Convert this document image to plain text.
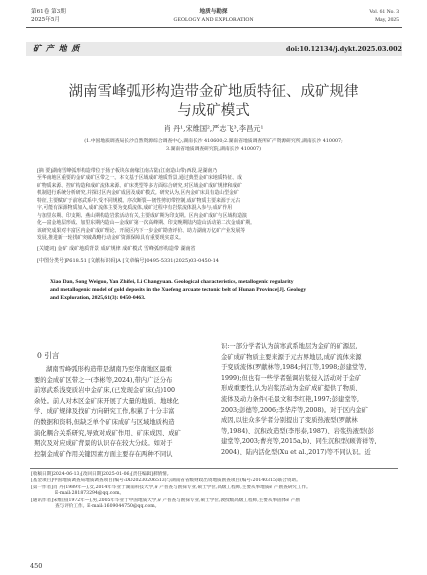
第61卷 第3期
2025年5月
地质与勘探
GEOLOGY AND EXPLORATION
Vol. 61 No. 3
May, 2025
矿 产 地 质	doi:10.12134/j.dykt.2025.03.002
湖南雪峰弧形构造带金矿地质特征、成矿规律
与成矿模式
肖 丹¹,宋维国²,严志飞³,李昌元¹
(1.中国地质调查局长沙自然资源综合调查中心,湖南长沙 410600;2.湖南省地质调查所矿产资源研究所,湖南长沙 410007;
3.湖南省地质调查研究院,湖南长沙 410007)
[摘 要]湖南雪峰弧形构造带位于扬子板块东南缘江南古陆(江南造山带)西段,是湖南乃
至华南地区重要的金矿成矿区带之一。本文基于区域成矿地质背景,通过典型金矿床地质特征、成
矿物质来源、控矿构造和成矿流体来源、矿床类型等多方面综合研究,对区域金矿成矿规律和成矿
机制进行系统分析研究,并探讨区内金矿成因及成矿模式。研究认为,区内金矿床具有造山型金矿
特征,主要赋矿于前寒武系中,受不同规模、序次断裂—韧性剪切带控制,成矿物质主要来源于元古
宇,可能有深源物质加入,成矿流体主要为变质流体,成矿过程中有岩浆流体混入参与;成矿作用
与加里东期、印支期、燕山期构造岩浆活动有关,主要成矿期为印支期。区内金矿成矿与区域构造演
化—富金地层形成、加里东期内造山—金成矿第一次高峰期、印支晚期陆内造山活动第二次金成矿期。
该研究成果对丰富区内金矿成矿理论、开展区内下一步金矿勘查评价、助力湖南万亿矿产业发展等
发展,推进新一轮找矿突破战略行动金矿资源保障具有重要现实意义。
[关键词] 金矿 成矿地质背景 成矿规律 成矿模式 雪峰弧形构造带 湖南省
[中图分类号]P618.51 [文献标识码]A [文章编号]0495-5331(2025)03-0450-14
Xiao Dan, Song Weiguo, Yan Zhifei, Li Changyuan. Geological characteristics, metallogenic regularity
and metallogenic model of gold deposits in the Xuefeng arcuate tectonic belt of Hunan Province[J]. Geology
and Exploration, 2025,61(3): 0450-0463.
0 引言
湖南雪峰弧形构造带是湖南乃至华南地区最重
要的金成矿区带之一(李彬等,2024),带内广泛分布
前寒武系浅变质岩中金矿床,(已发现金矿床(点)100
余处。前人对本区金矿床开展了大量的地质、地球化
学、成矿规律及找矿方向研究工作,积累了十分丰富
的数据和资料,但缺乏单个矿床成矿与区域地质构造
演化耦合关系研究,导致对成矿作用、矿床成因、成矿
期次及对应成矿背景的认识存在较大分歧。如对于
控制金成矿作用关键因素方面主要存在两种不同认
识:一部分学者认为前寒武系地层为金矿的矿源层,
金矿成矿物质主要来源于元古界地层,成矿流体来源
于变质流体(罗献林等,1984;何江等,1998;彭建堂等,
1999);但也有一些学者强调岩浆侵入活动对于金矿
形成重要性,认为岩浆活动为金矿成矿提供了物质、
流体及动力条件(毛景文和李红艳,1997;彭建堂等,
2003;彭德等,2006;李华芹等,2008)。对于区内金矿
成因,以往众多学者分别提出了变质热液型(罗献林
等,1984)、沉积改造型(李彤泰,1987)、岩浆热液型(彭
建堂等,2003;曹亮等,2015a,b)、同生沉积型(顾菁祥等,
2004)、陆内活化型(Xu et al.,2017)等不同认识。近
[收稿日期]2024-06-13;[改回日期]2025-01-06;[责任编辑]郝情情。
[基金项目]中国地质调查局地质调查项目(编号:DD20230206513)与湖南省省级财政出资地质勘查项目(编号:20140315)联合资助。
[第一作者]肖 丹(1989年—),女,2014年毕业于湖南科技大学,矿产普查与勘探专业,硕士学位,高级工程师,主要从事地质矿产勘查研究工作。
E-mail:281873294@qq.com。
[通讯作者]宋维国(1972年—),男,2005年毕业于中国地质大学,矿产普查与勘探专业,硕士学位,教授级高级工程师,主要从事固体矿产勘
查与评价工作。E-mail:1609044750@qq.com。
450
